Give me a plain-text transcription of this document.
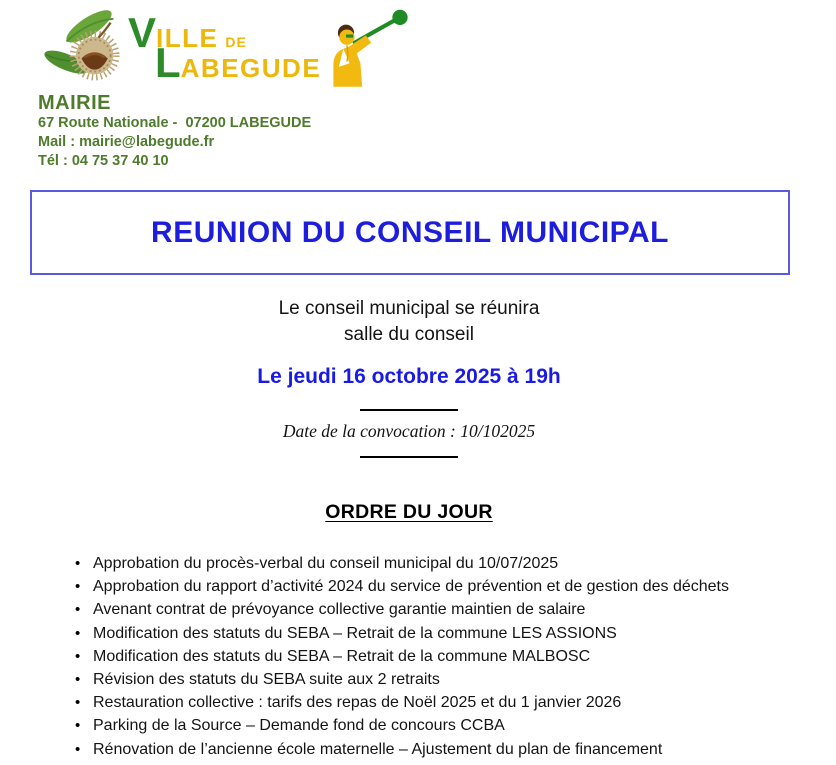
V ILLE DE
L ABEGUDE
MAIRIE
67 Route Nationale -  07200 LABEGUDE
Mail : mairie@labegude.fr
Tél : 04 75 37 40 10
REUNION DU CONSEIL MUNICIPAL

Le conseil municipal se réunira

salle du conseil

Le jeudi 16 octobre 2025 à 19h

Date de la convocation : 10/102025

ORDRE DU JOUR
• Approbation du procès-verbal du conseil municipal du 10/07/2025
• Approbation du rapport d’activité 2024 du service de prévention et de gestion des déchets
• Avenant contrat de prévoyance collective garantie maintien de salaire
• Modification des statuts du SEBA – Retrait de la commune LES ASSIONS
• Modification des statuts du SEBA – Retrait de la commune MALBOSC
• Révision des statuts du SEBA suite aux 2 retraits
• Restauration collective : tarifs des repas de Noël 2025 et du 1 janvier 2026
• Parking de la Source – Demande fond de concours CCBA
• Rénovation de l’ancienne école maternelle – Ajustement du plan de financement
